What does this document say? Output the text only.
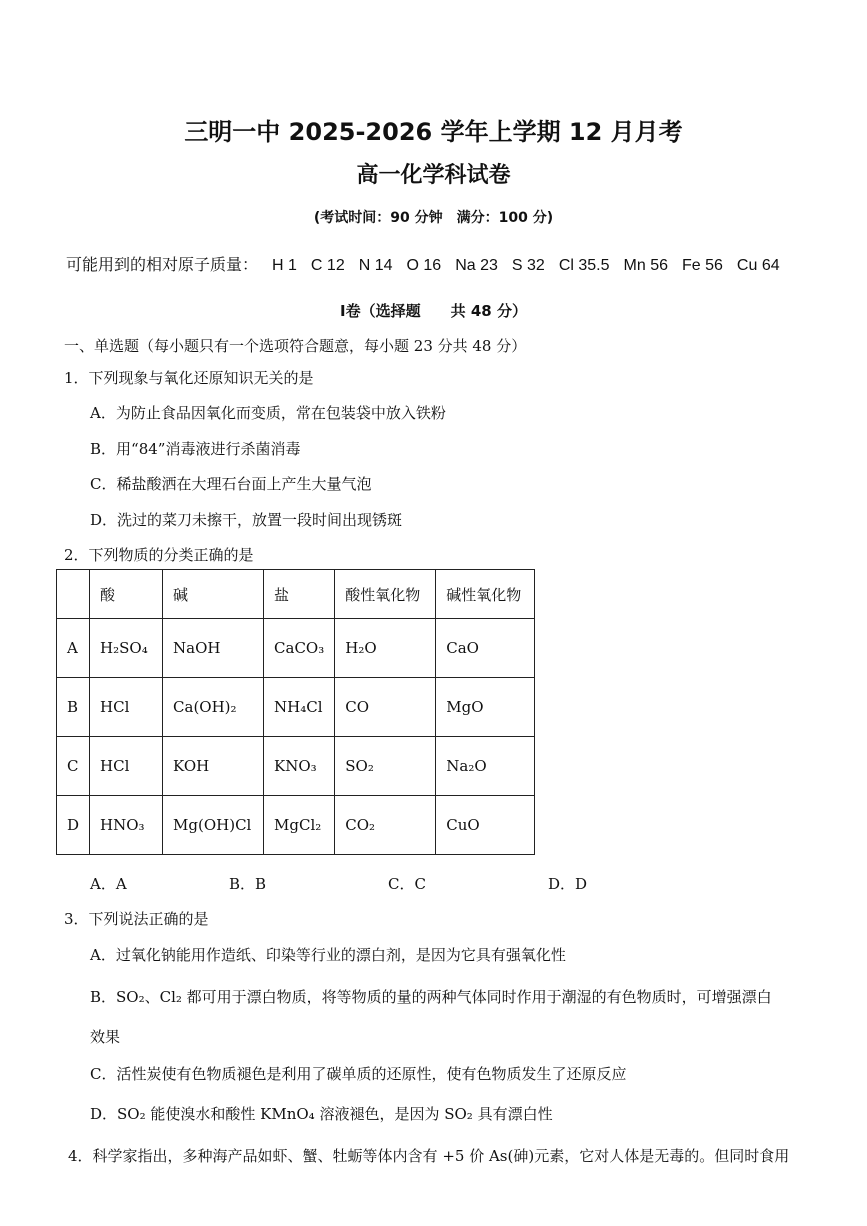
三明一中 2025-2026 学年上学期 12 月月考
高一化学科试卷
(考试时间：90 分钟　满分：100 分)
可能用到的相对原子质量： H 1 C 12 N 14 O 16 Na 23 S 32 Cl 35.5 Mn 56 Fe 56 Cu 64
Ⅰ卷（选择题　　共 48 分）
一、单选题（每小题只有一个选项符合题意，每小题 23 分共 48 分）
1．下列现象与氧化还原知识无关的是
A．为防止食品因氧化而变质，常在包装袋中放入铁粉
B．用“84”消毒液进行杀菌消毒
C．稀盐酸洒在大理石台面上产生大量气泡
D．洗过的菜刀未擦干，放置一段时间出现锈斑
2．下列物质的分类正确的是
	酸	碱	盐	酸性氧化物	碱性氧化物
A	H₂SO₄	NaOH	CaCO₃	H₂O	CaO
B	HCl	Ca(OH)₂	NH₄Cl	CO	MgO
C	HCl	KOH	KNO₃	SO₂	Na₂O
D	HNO₃	Mg(OH)Cl	MgCl₂	CO₂	CuO
A．A	B．B	C．C	D．D
3．下列说法正确的是
A．过氧化钠能用作造纸、印染等行业的漂白剂，是因为它具有强氧化性
B．SO₂、Cl₂ 都可用于漂白物质，将等物质的量的两种气体同时作用于潮湿的有色物质时，可增强漂白
效果
C．活性炭使有色物质褪色是利用了碳单质的还原性，使有色物质发生了还原反应
D．SO₂ 能使溴水和酸性 KMnO₄ 溶液褪色，是因为 SO₂ 具有漂白性
4．科学家指出，多种海产品如虾、蟹、牡蛎等体内含有 +5 价 As(砷)元素，它对人体是无毒的。但同时食用
